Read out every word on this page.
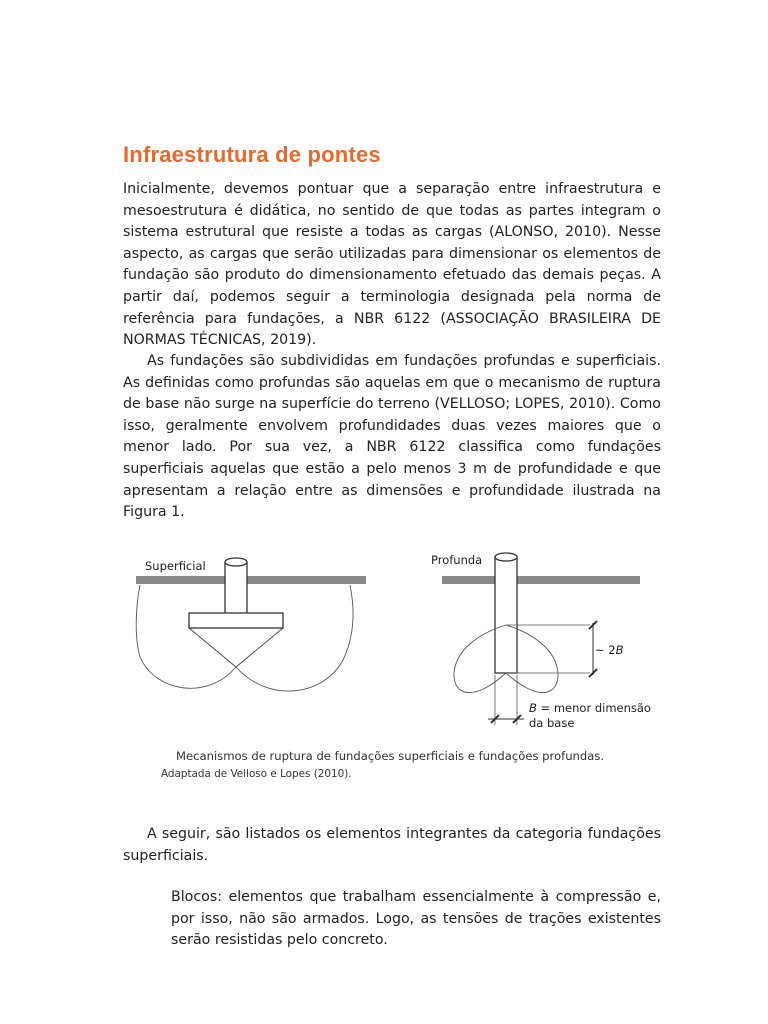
Infraestrutura de pontes

Inicialmente, devemos pontuar que a separação entre infraestrutura e mesoestrutura é didática, no sentido de que todas as partes integram o sistema estrutural que resiste a todas as cargas (ALONSO, 2010). Nesse aspecto, as cargas que serão utilizadas para dimensionar os elementos de fundação são produto do dimensionamento efetuado das demais peças. A partir daí, podemos seguir a terminologia designada pela norma de referência para fundações, a NBR 6122 (ASSOCIAÇÃO BRASILEIRA DE NORMAS TÉCNICAS, 2019).

As fundações são subdivididas em fundações profundas e superficiais. As definidas como profundas são aquelas em que o mecanismo de ruptura de base não surge na superfície do terreno (VELLOSO; LOPES, 2010). Como isso, geralmente envolvem profundidades duas vezes maiores que o menor lado. Por sua vez, a NBR 6122 classifica como fundações superficiais aquelas que estão a pelo menos 3 m de profundidade e que apresentam a relação entre as dimensões e profundidade ilustrada na Figura 1.

Superficial
~ 2B
Profunda
B = menor dimensão
da base

Mecanismos de ruptura de fundações superficiais e fundações profundas.

Adaptada de Velloso e Lopes (2010).

A seguir, são listados os elementos integrantes da categoria fundações superficiais.

Blocos: elementos que trabalham essencialmente à compressão e, por isso, não são armados. Logo, as tensões de trações existentes serão resistidas pelo concreto.
